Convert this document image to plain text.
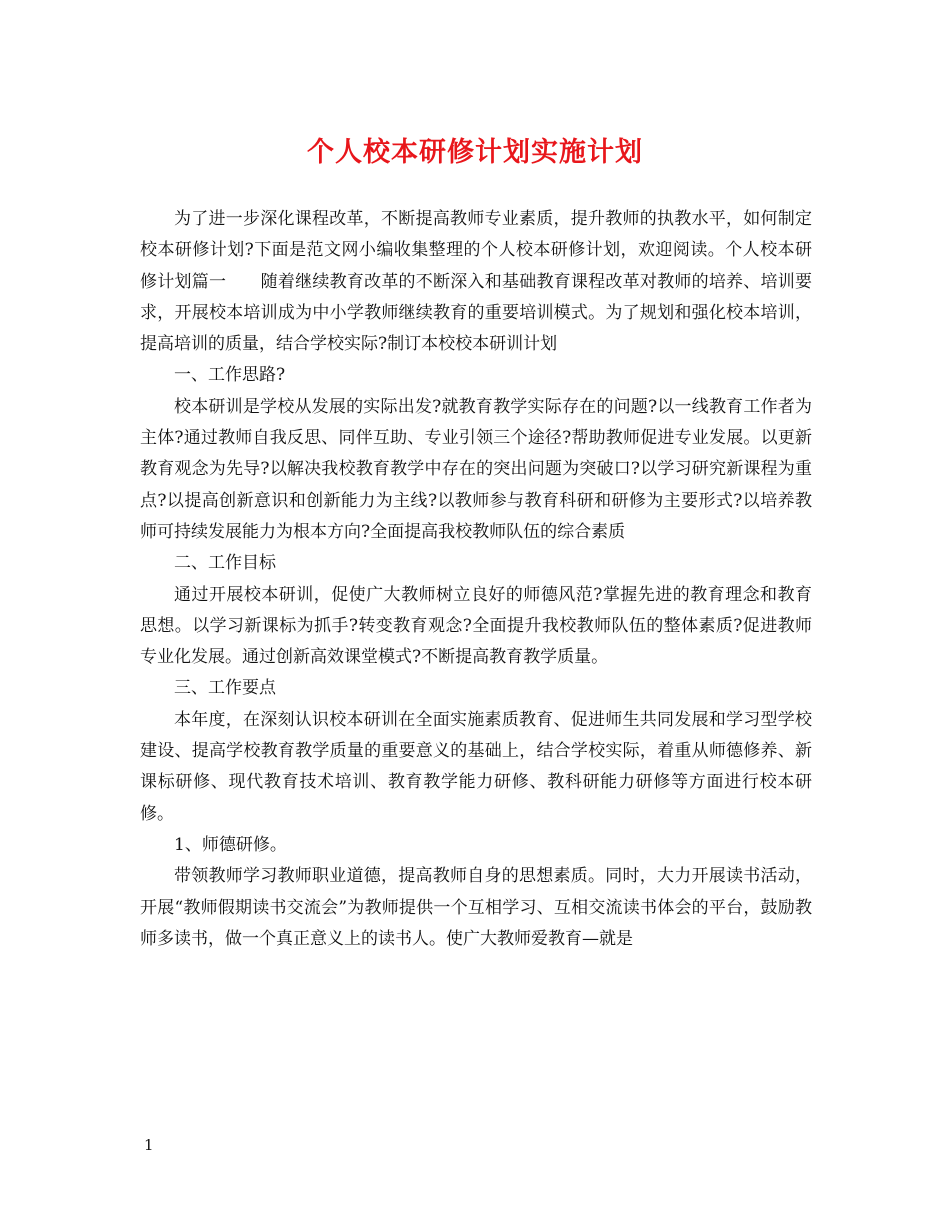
个人校本研修计划实施计划

为了进一步深化课程改革，不断提高教师专业素质，提升教师的执教水平，如何制定校本研修计划?下面是范文网小编收集整理的个人校本研修计划，欢迎阅读。个人校本研修计划篇一　　随着继续教育改革的不断深入和基础教育课程改革对教师的培养、培训要求，开展校本培训成为中小学教师继续教育的重要培训模式。为了规划和强化校本培训，提高培训的质量，结合学校实际?制订本校校本研训计划

一、工作思路?

校本研训是学校从发展的实际出发?就教育教学实际存在的问题?以一线教育工作者为主体?通过教师自我反思、同伴互助、专业引领三个途径?帮助教师促进专业发展。以更新教育观念为先导?以解决我校教育教学中存在的突出问题为突破口?以学习研究新课程为重点?以提高创新意识和创新能力为主线?以教师参与教育科研和研修为主要形式?以培养教师可持续发展能力为根本方向?全面提高我校教师队伍的综合素质

二、工作目标

通过开展校本研训，促使广大教师树立良好的师德风范?掌握先进的教育理念和教育思想。以学习新课标为抓手?转变教育观念?全面提升我校教师队伍的整体素质?促进教师专业化发展。通过创新高效课堂模式?不断提高教育教学质量。

三、工作要点

本年度，在深刻认识校本研训在全面实施素质教育、促进师生共同发展和学习型学校建设、提高学校教育教学质量的重要意义的基础上，结合学校实际，着重从师德修养、新课标研修、现代教育技术培训、教育教学能力研修、教科研能力研修等方面进行校本研修。

1、师德研修。

带领教师学习教师职业道德，提高教师自身的思想素质。同时，大力开展读书活动，开展“教师假期读书交流会”为教师提供一个互相学习、互相交流读书体会的平台，鼓励教师多读书，做一个真正意义上的读书人。使广大教师爱教育—就是

1
